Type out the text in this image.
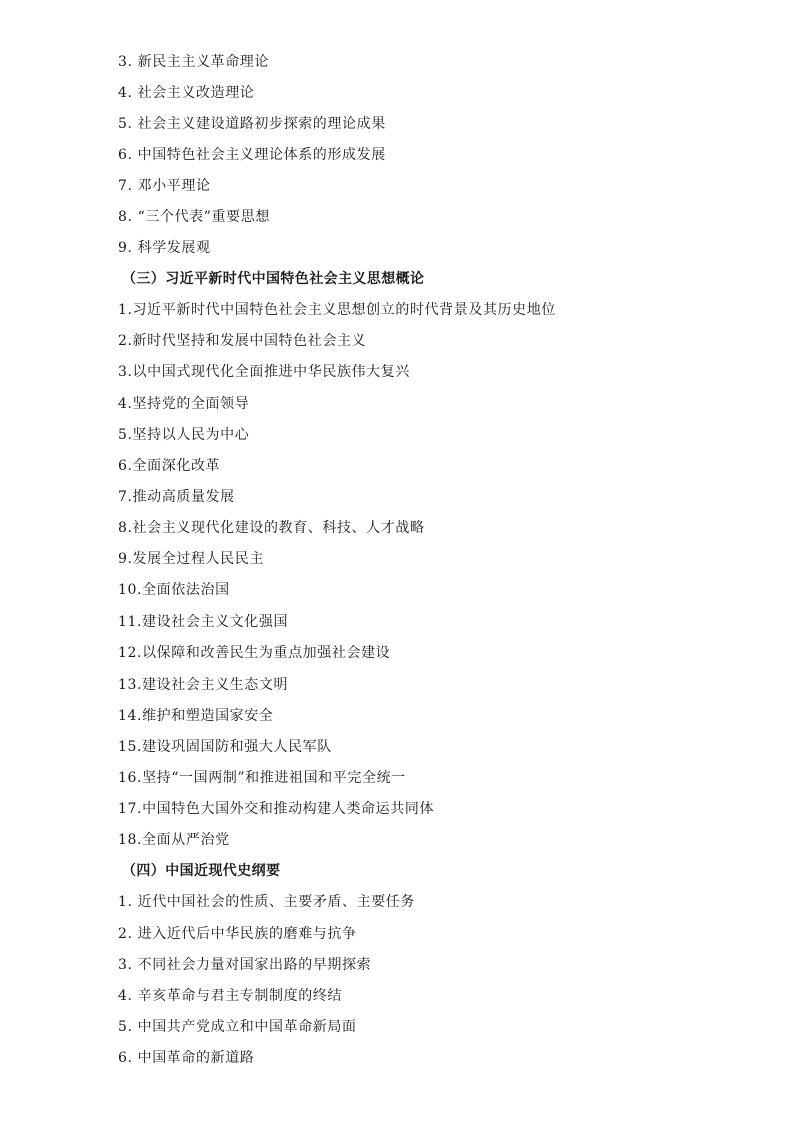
3. 新民主主义革命理论
4. 社会主义改造理论
5. 社会主义建设道路初步探索的理论成果
6. 中国特色社会主义理论体系的形成发展
7. 邓小平理论
8. “三个代表”重要思想
9. 科学发展观
（三）习近平新时代中国特色社会主义思想概论
1.习近平新时代中国特色社会主义思想创立的时代背景及其历史地位
2.新时代坚持和发展中国特色社会主义
3.以中国式现代化全面推进中华民族伟大复兴
4.坚持党的全面领导
5.坚持以人民为中心
6.全面深化改革
7.推动高质量发展
8.社会主义现代化建设的教育、科技、人才战略
9.发展全过程人民民主
10.全面依法治国
11.建设社会主义文化强国
12.以保障和改善民生为重点加强社会建设
13.建设社会主义生态文明
14.维护和塑造国家安全
15.建设巩固国防和强大人民军队
16.坚持“一国两制”和推进祖国和平完全统一
17.中国特色大国外交和推动构建人类命运共同体
18.全面从严治党
（四）中国近现代史纲要
1. 近代中国社会的性质、主要矛盾、主要任务
2. 进入近代后中华民族的磨难与抗争
3. 不同社会力量对国家出路的早期探索
4. 辛亥革命与君主专制制度的终结
5. 中国共产党成立和中国革命新局面
6. 中国革命的新道路
